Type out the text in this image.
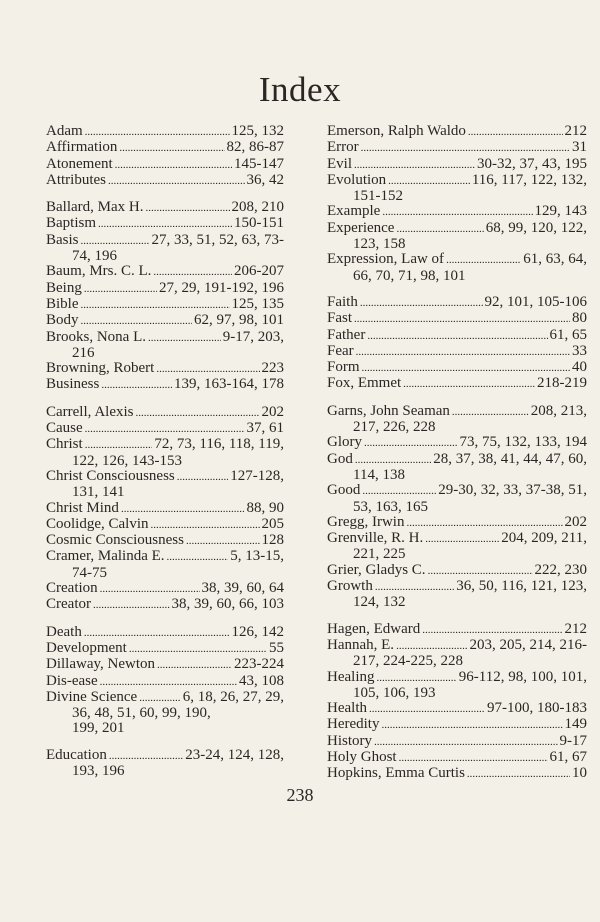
Index
Adam .....	125, 132
Affirmation .....	82, 86-87
Atonement .....	145-147
Attributes .....	36, 42
Ballard, Max H. .....	208, 210
Baptism .....	150-151
Basis .....	27, 33, 51, 52, 63, 73-
74, 196
Baum, Mrs. C. L. .....	206-207
Being .....	27, 29, 191-192, 196
Bible .....	125, 135
Body .....	62, 97, 98, 101
Brooks, Nona L. .....	9-17, 203,
216
Browning, Robert .....	223
Business .....	139, 163-164, 178
Carrell, Alexis .....	202
Cause .....	37, 61
Christ .....	72, 73, 116, 118, 119,
122, 126, 143-153
Christ Consciousness .....	127-128,
131, 141
Christ Mind .....	88, 90
Coolidge, Calvin .....	205
Cosmic Consciousness .....	128
Cramer, Malinda E. .....	5, 13-15,
74-75
Creation .....	38, 39, 60, 64
Creator .....	38, 39, 60, 66, 103
Death .....	126, 142
Development .....	55
Dillaway, Newton .....	223-224
Dis-ease .....	43, 108
Divine Science .....	6, 18, 26, 27, 29,
36, 48, 51, 60, 99, 190,
199, 201
Education .....	23-24, 124, 128,
193, 196
Emerson, Ralph Waldo .....	212
Error .....	31
Evil .....	30-32, 37, 43, 195
Evolution .....	116, 117, 122, 132,
151-152
Example .....	129, 143
Experience .....	68, 99, 120, 122,
123, 158
Expression, Law of .....	61, 63, 64,
66, 70, 71, 98, 101
Faith .....	92, 101, 105-106
Fast .....	80
Father .....	61, 65
Fear .....	33
Form .....	40
Fox, Emmet .....	218-219
Garns, John Seaman .....	208, 213,
217, 226, 228
Glory .....	73, 75, 132, 133, 194
God .....	28, 37, 38, 41, 44, 47, 60,
114, 138
Good .....	29-30, 32, 33, 37-38, 51,
53, 163, 165
Gregg, Irwin .....	202
Grenville, R. H. .....	204, 209, 211,
221, 225
Grier, Gladys C. .....	222, 230
Growth .....	36, 50, 116, 121, 123,
124, 132
Hagen, Edward .....	212
Hannah, E. .....	203, 205, 214, 216-
217, 224-225, 228
Healing .....	96-112, 98, 100, 101,
105, 106, 193
Health .....	97-100, 180-183
Heredity .....	149
History .....	9-17
Holy Ghost .....	61, 67
Hopkins, Emma Curtis .....	10
238
